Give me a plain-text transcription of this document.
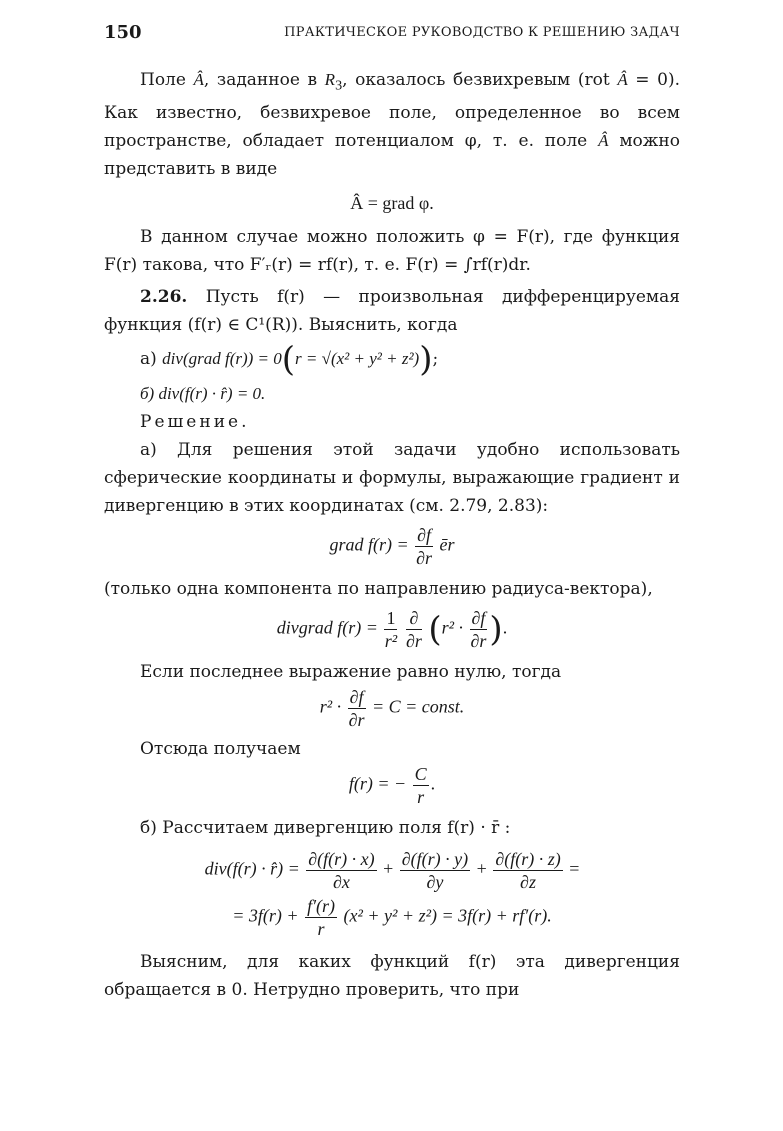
150	ПРАКТИЧЕСКОЕ РУКОВОДСТВО К РЕШЕНИЮ ЗАДАЧ

Поле Â, заданное в $R_3$, оказалось безвихревым (rot Â = 0). Как известно, безвихревое поле, определенное во всем пространстве, обладает потенциалом φ, т. е. поле Â можно представить в виде

Â = grad φ.

В данном случае можно положить φ = F(r), где функция F(r) такова, что F′ᵣ(r) = rf(r), т. е. F(r) = ∫rf(r)dr.

2.26. Пусть f(r) — произвольная дифференцируемая функция (f(r) ∈ C¹(R)). Выяснить, когда

а) div(grad f(r)) = 0(r = √(x² + y² + z²));

б) div(f(r) · r̂) = 0.

Решение.

а) Для решения этой задачи удобно использовать сферические координаты и формулы, выражающие градиент и дивергенцию в этих координатах (см. 2.79, 2.83):

grad $f(r) = \frac{\partial f}{\partial r}$ ēr

(только одна компонента по направлению радиуса-вектора),

divgrad $f(r) = \frac{1}{\text{r²}}$
$\frac{\partial}{\partial r} (r^2 \cdot \frac{\partial f}{\partial r}$ ).

Если последнее выражение равно нулю, тогда

$r^2 \cdot \frac{\partial f}{\partial r} = C$ = const.

Отсюда получаем

f(r) = − $\frac{C}{r}$ .

б) Рассчитаем дивергенцию поля f(r) · r̄ :

div(f(r) · r̂) = $\frac{\partial(f(r) \cdot x)}{\partial x} + \frac{\partial(f(r) \cdot y)}{\partial y} + \frac{\partial(f(r) \cdot z)}{\partial z}$ =
= $3f(r) + \frac{f'(r)}{r} (x^2 + y^2 + z^2) = 3f(r) + rf'(r)$.

Выясним, для каких функций f(r) эта дивергенция обращается в 0. Нетрудно проверить, что при
